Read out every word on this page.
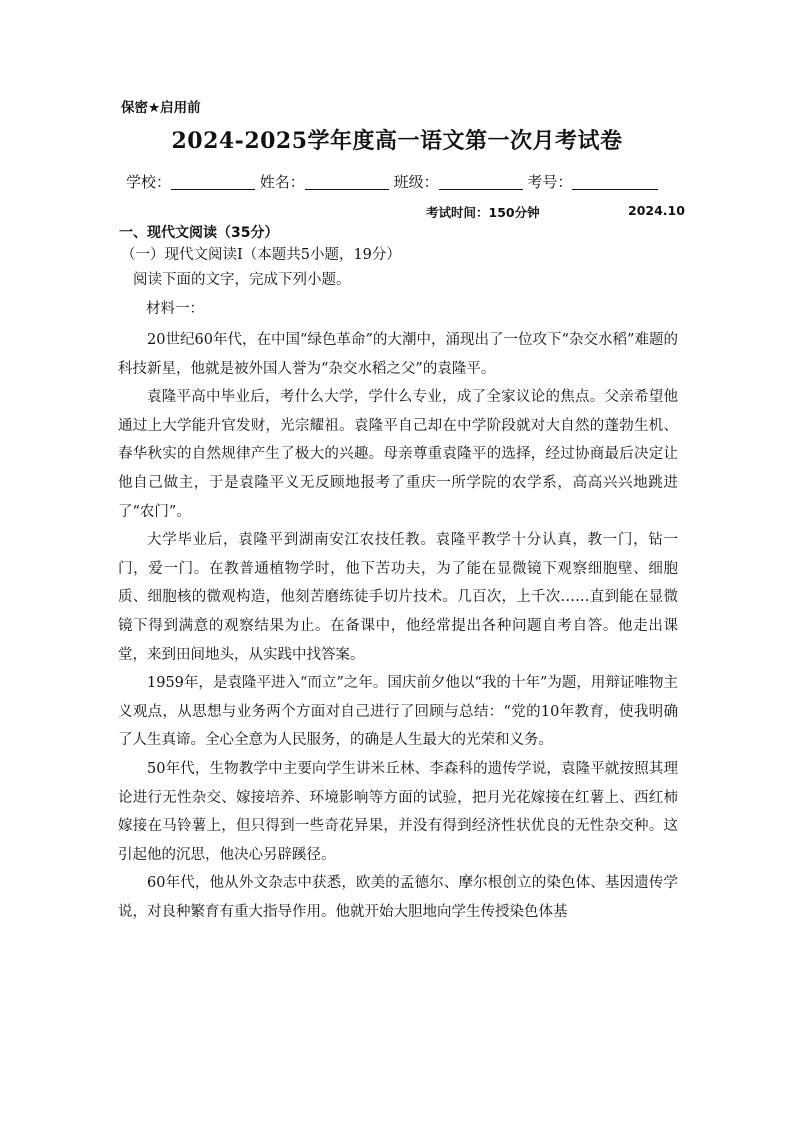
保密★启用前
2024-2025学年度高一语文第一次月考试卷
学校：	姓名：	班级：	考号：
考试时间：150分钟	2024.10
一、现代文阅读（35分）
（一）现代文阅读Ⅰ（本题共5小题，19分）
阅读下面的文字，完成下列小题。
材料一：

20世纪60年代，在中国“绿色革命”的大潮中，涌现出了一位攻下“杂交水稻”难题的科技新星，他就是被外国人誉为“杂交水稻之父”的袁隆平。

袁隆平高中毕业后，考什么大学，学什么专业，成了全家议论的焦点。父亲希望他通过上大学能升官发财，光宗耀祖。袁隆平自己却在中学阶段就对大自然的蓬勃生机、春华秋实的自然规律产生了极大的兴趣。母亲尊重袁隆平的选择，经过协商最后决定让他自己做主，于是袁隆平义无反顾地报考了重庆一所学院的农学系，高高兴兴地跳进了“农门”。

大学毕业后，袁隆平到湖南安江农技任教。袁隆平教学十分认真，教一门，钻一门，爱一门。在教普通植物学时，他下苦功夫，为了能在显微镜下观察细胞壁、细胞质、细胞核的微观构造，他刻苦磨练徒手切片技术。几百次，上千次……直到能在显微镜下得到满意的观察结果为止。在备课中，他经常提出各种问题自考自答。他走出课堂，来到田间地头，从实践中找答案。

1959年，是袁隆平进入“而立”之年。国庆前夕他以“我的十年”为题，用辩证唯物主义观点，从思想与业务两个方面对自己进行了回顾与总结：“党的10年教育，使我明确了人生真谛。全心全意为人民服务，的确是人生最大的光荣和义务。

50年代，生物教学中主要向学生讲米丘林、李森科的遗传学说，袁隆平就按照其理论进行无性杂交、嫁接培养、环境影响等方面的试验，把月光花嫁接在红薯上、西红柿嫁接在马铃薯上，但只得到一些奇花异果，并没有得到经济性状优良的无性杂交种。这引起他的沉思，他决心另辟蹊径。

60年代，他从外文杂志中获悉，欧美的孟德尔、摩尔根创立的染色体、基因遗传学说，对良种繁育有重大指导作用。他就开始大胆地向学生传授染色体基
